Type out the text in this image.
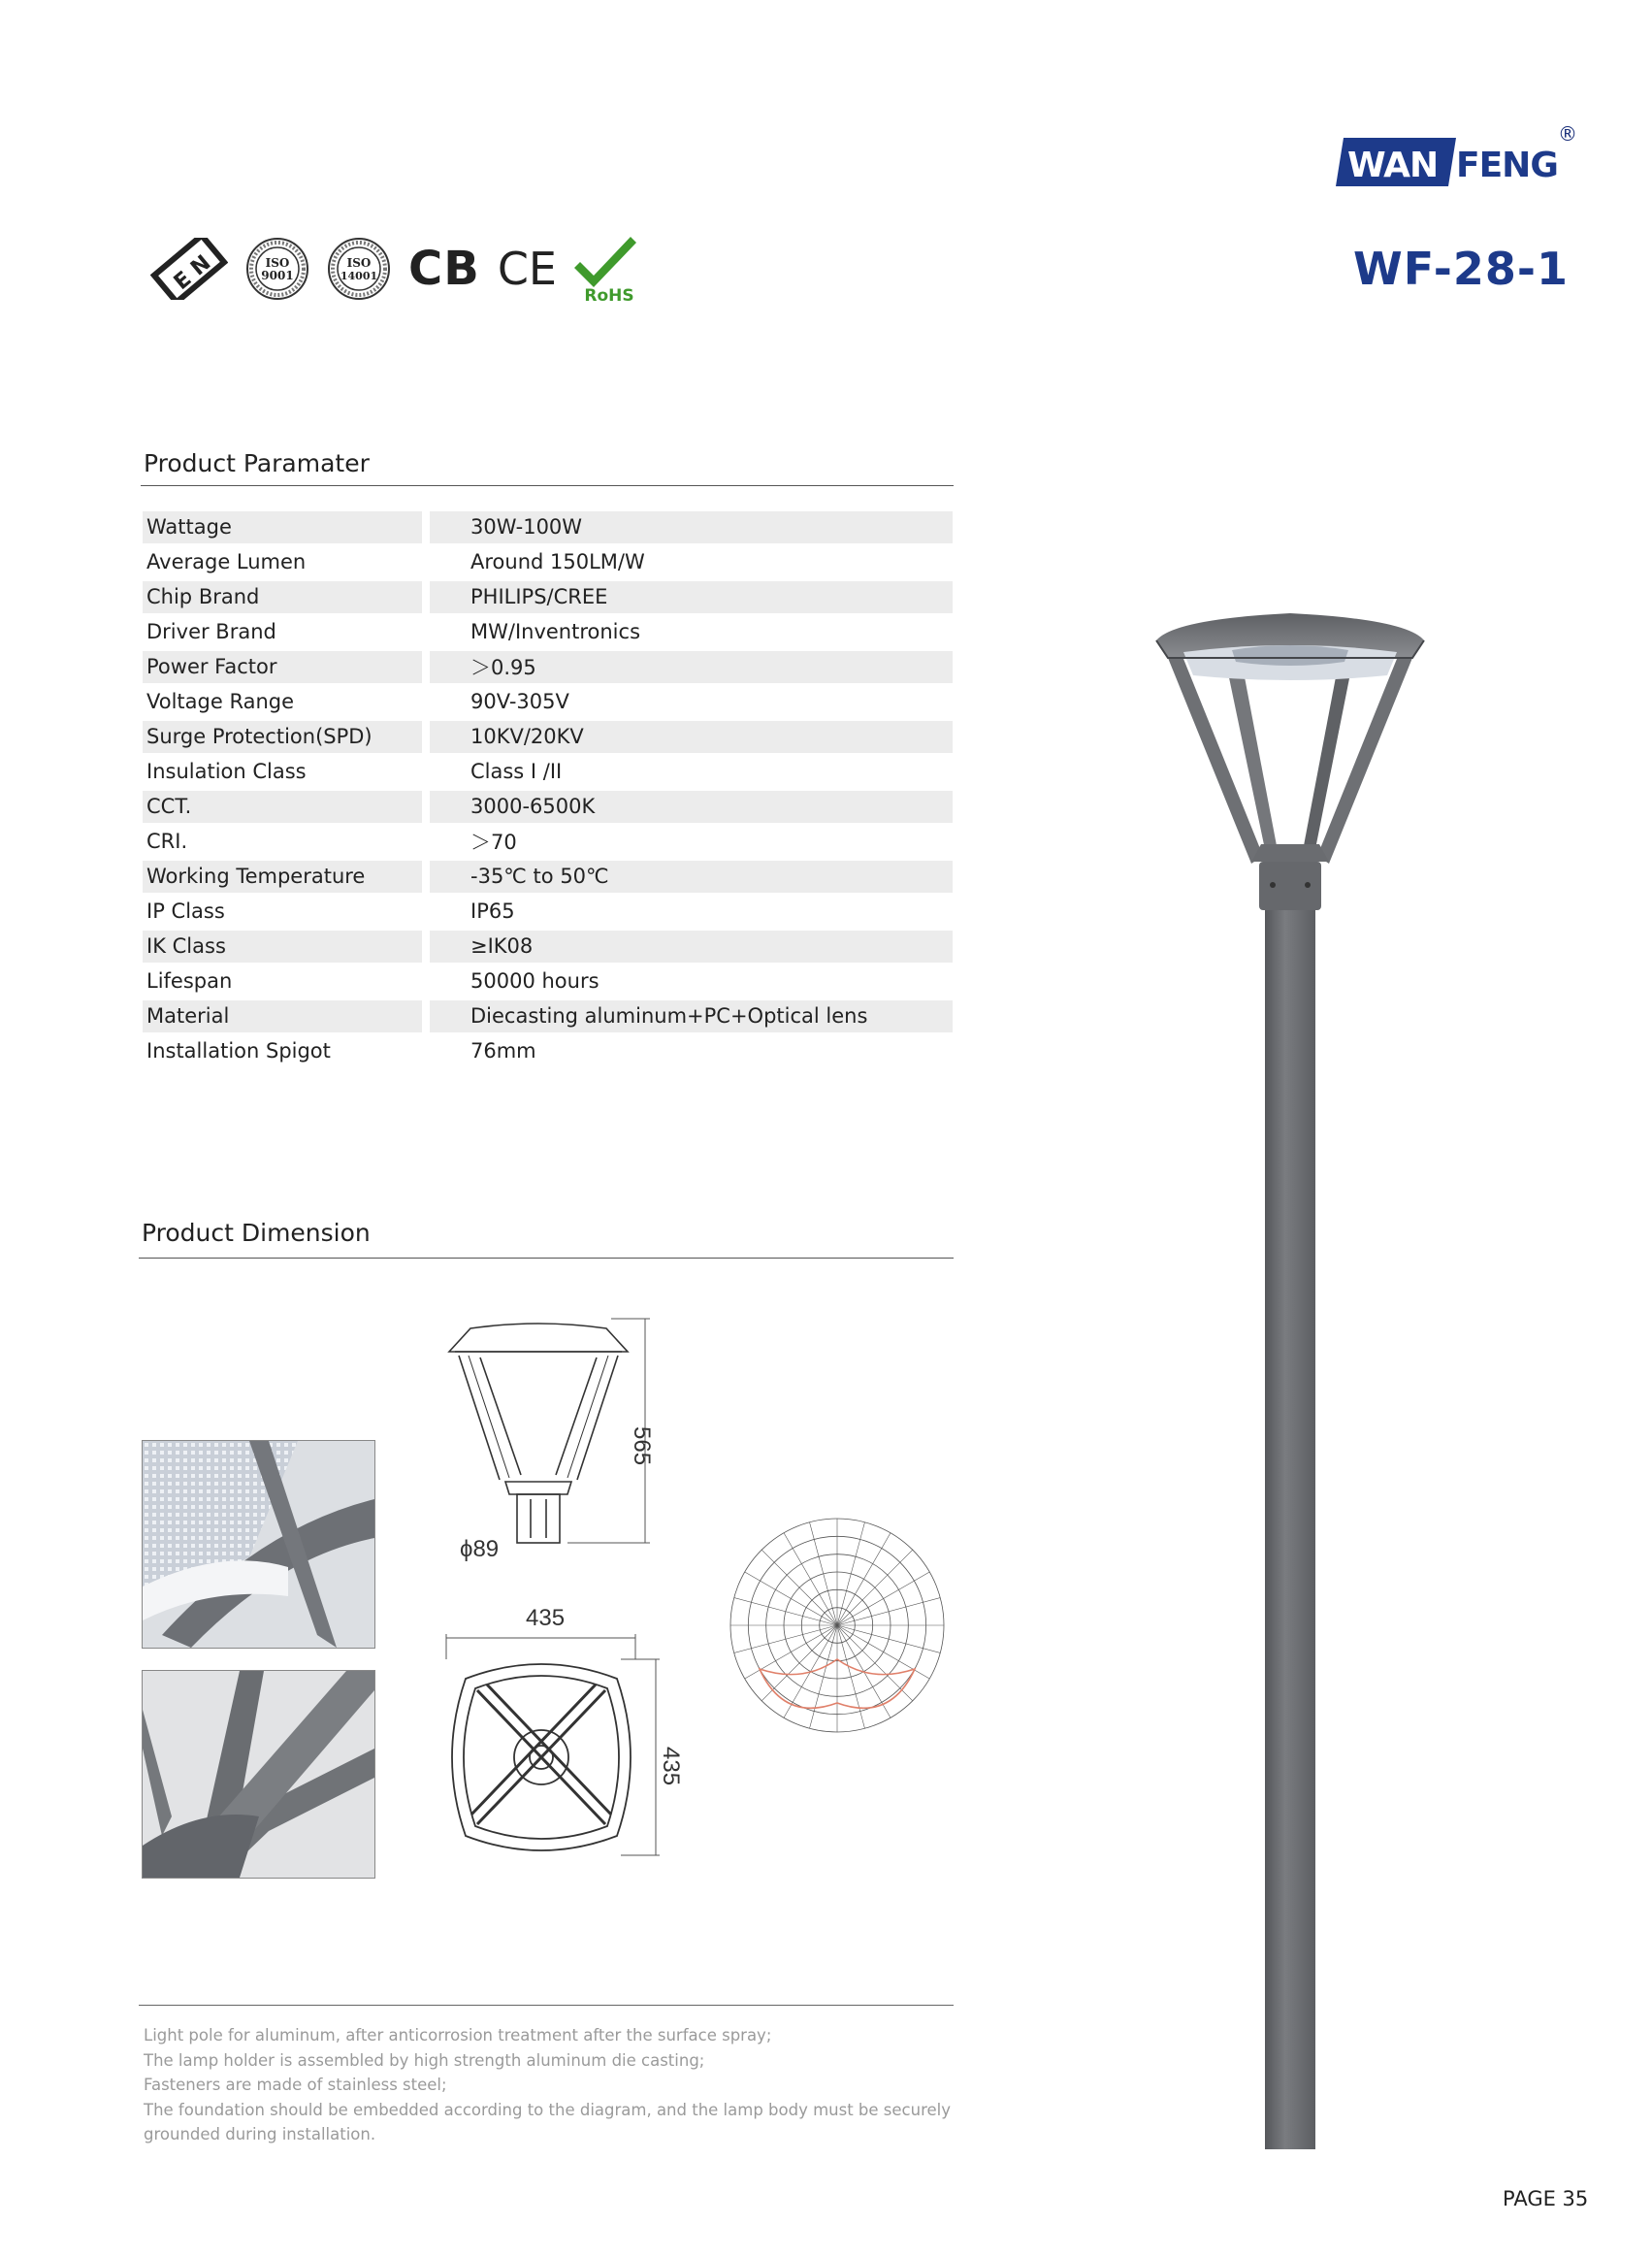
WAN FENG
®
WF-28-1
E N	ISO
9001
ISO
14001 CB CE
RoHS
Product Paramater
Wattage	30W-100W
Average Lumen	Around 150LM/W
Chip Brand	PHILIPS/CREE
Driver Brand	MW/Inventronics
Power Factor	＞0.95
Voltage Range	90V-305V
Surge Protection(SPD)	10KV/20KV
Insulation Class	Class I /II
CCT.	3000-6500K
CRI.	＞70
Working Temperature	-35℃ to 50℃
IP Class	IP65
IK Class	≥IK08
Lifespan	50000 hours
Material	Diecasting aluminum+PC+Optical lens
Installation Spigot	76mm
Product Dimension
565
ϕ89
435
435
Light pole for aluminum, after anticorrosion treatment after the surface spray;
The lamp holder is assembled by high strength aluminum die casting;
Fasteners are made of stainless steel;
The foundation should be embedded according to the diagram, and the lamp body must be securely grounded during installation.
PAGE 35
